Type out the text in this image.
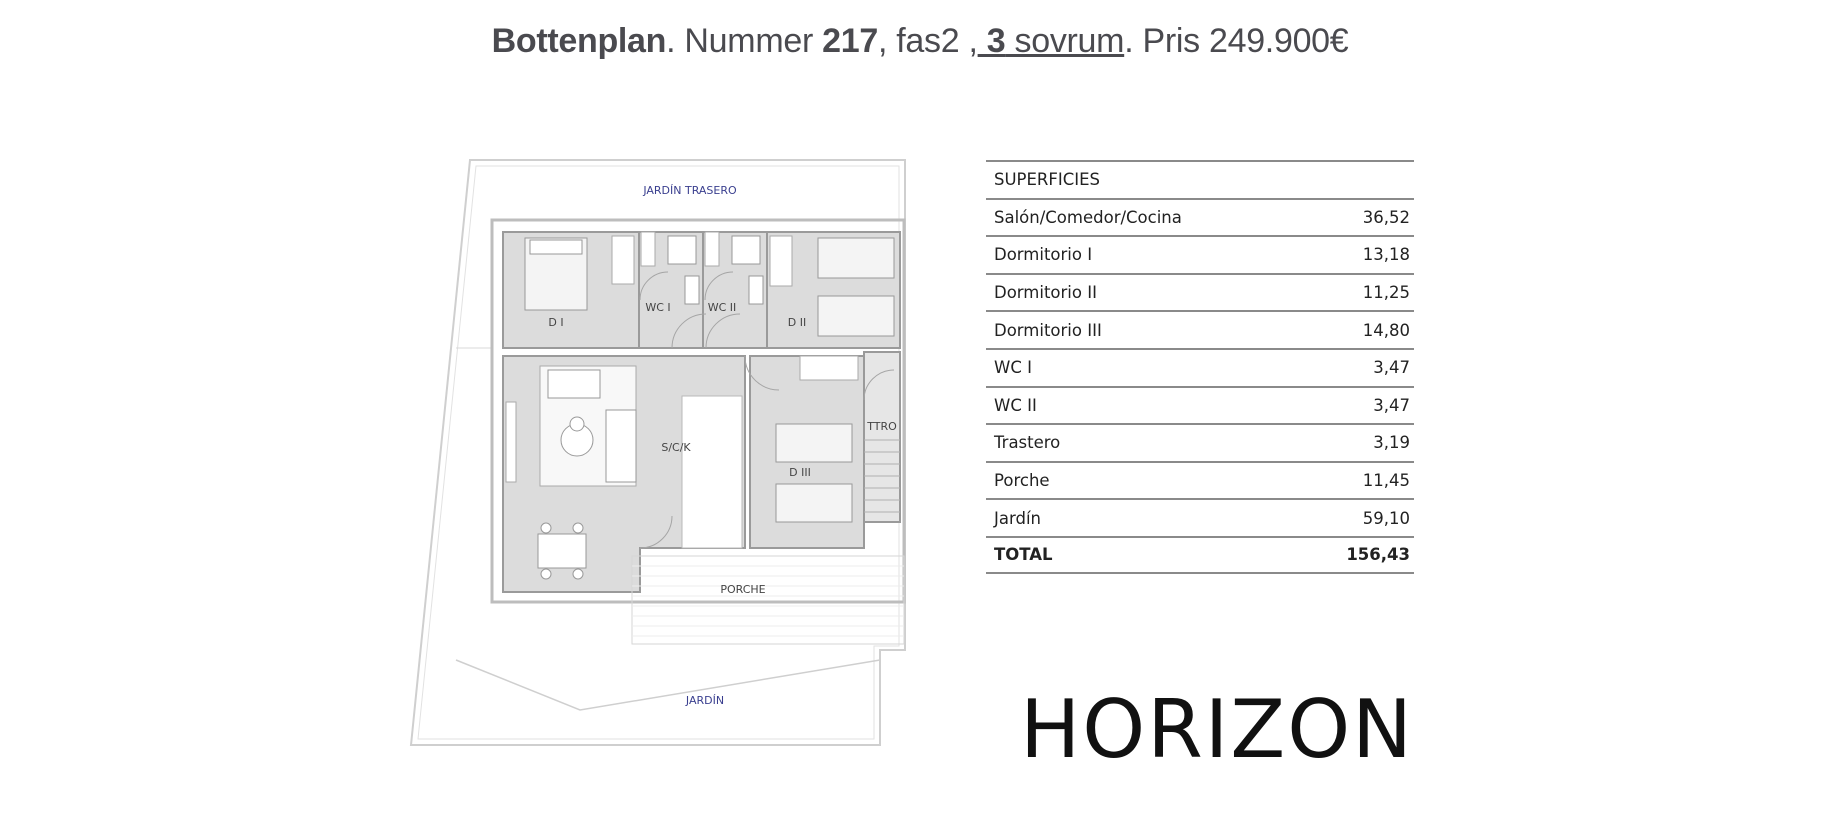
Bottenplan. Nummer 217, fas2 , 3 sovrum. Pris 249.900€
JARDÍN TRASERO
D I
WC I	WC II
D II
S/C/K
TTRO
D III
PORCHE
JARDÍN
SUPERFICIES
Salón/Comedor/Cocina	36,52
Dormitorio I	13,18
Dormitorio II	11,25
Dormitorio III	14,80
WC I	3,47
WC II	3,47
Trastero	3,19
Porche	11,45
Jardín	59,10
TOTAL	156,43
HORIZON
